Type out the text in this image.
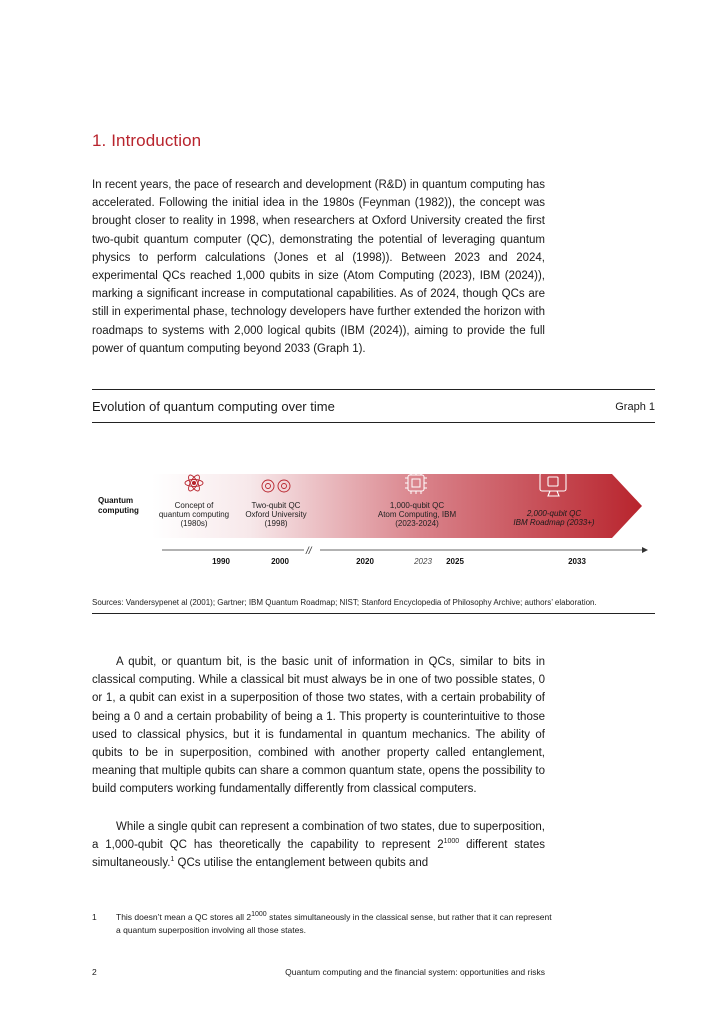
1. Introduction

In recent years, the pace of research and development (R&D) in quantum computing has accelerated. Following the initial idea in the 1980s (Feynman (1982)), the concept was brought closer to reality in 1998, when researchers at Oxford University created the first two-qubit quantum computer (QC), demonstrating the potential of leveraging quantum physics to perform calculations (Jones et al (1998)). Between 2023 and 2024, experimental QCs reached 1,000 qubits in size (Atom Computing (2023), IBM (2024)), marking a significant increase in computational capabilities. As of 2024, though QCs are still in experimental phase, technology developers have further extended the horizon with roadmaps to systems with 2,000 logical qubits (IBM (2024)), aiming to provide the full power of quantum computing beyond 2033 (Graph 1).

Evolution of quantum computing over time	Graph 1
Quantum
computing
Concept of
quantum computing
(1980s)
Two-qubit QC
Oxford University
(1998)
1,000-qubit QC
Atom Computing, IBM
(2023-2024)
2,000-qubit QC
IBM Roadmap (2033+)
//
1990	2000	2020	2023 2025	2033
Sources: Vandersypenet al (2001); Gartner; IBM Quantum Roadmap; NIST; Stanford Encyclopedia of Philosophy Archive; authors’ elaboration.

A qubit, or quantum bit, is the basic unit of information in QCs, similar to bits in classical computing. While a classical bit must always be in one of two possible states, 0 or 1, a qubit can exist in a superposition of those two states, with a certain probability of being a 0 and a certain probability of being a 1. This property is counterintuitive to those used to classical physics, but it is fundamental in quantum mechanics. The ability of qubits to be in superposition, combined with another property called entanglement, meaning that multiple qubits can share a common quantum state, opens the possibility to build computers working fundamentally differently from classical computers.

While a single qubit can represent a combination of two states, due to superposition, a 1,000-qubit QC has theoretically the capability to represent $2^{1000}$ different states simultaneously.$^1$ QCs utilise the entanglement between qubits and

1 This doesn’t mean a QC stores all $2^{1000}$ states simultaneously in the classical sense, but rather that it can represent a quantum superposition involving all those states.
2	Quantum computing and the financial system: opportunities and risks
